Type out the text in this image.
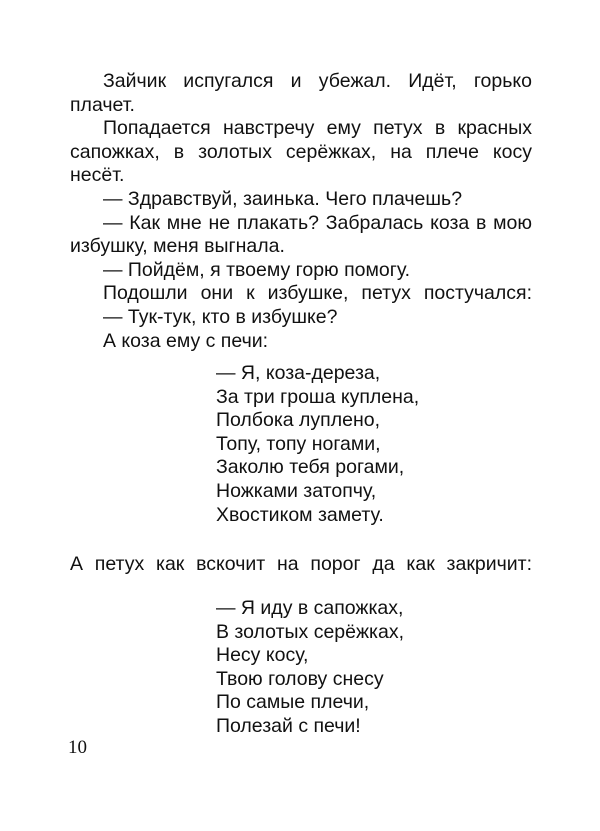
Зайчик испугался и убежал. Идёт, горько плачет.

Попадается навстречу ему петух в красных сапожках, в золотых серёжках, на плече косу несёт.

— Здравствуй, заинька. Чего плачешь?

— Как мне не плакать? Забралась коза в мою избушку, меня выгнала.

— Пойдём, я твоему горю помогу.

Подошли они к избушке, петух постучался:

— Тук-тук, кто в избушке?

А коза ему с печи:

— Я, коза-дереза,
За три гроша куплена,
Полбока луплено,
Топу, топу ногами,
Заколю тебя рогами,
Ножками затопчу,
Хвостиком замету.
А петух как вскочит на порог да как закричит:
— Я иду в сапожках,
В золотых серёжках,
Несу косу,
Твою голову снесу
По самые плечи,
Полезай с печи!
10
